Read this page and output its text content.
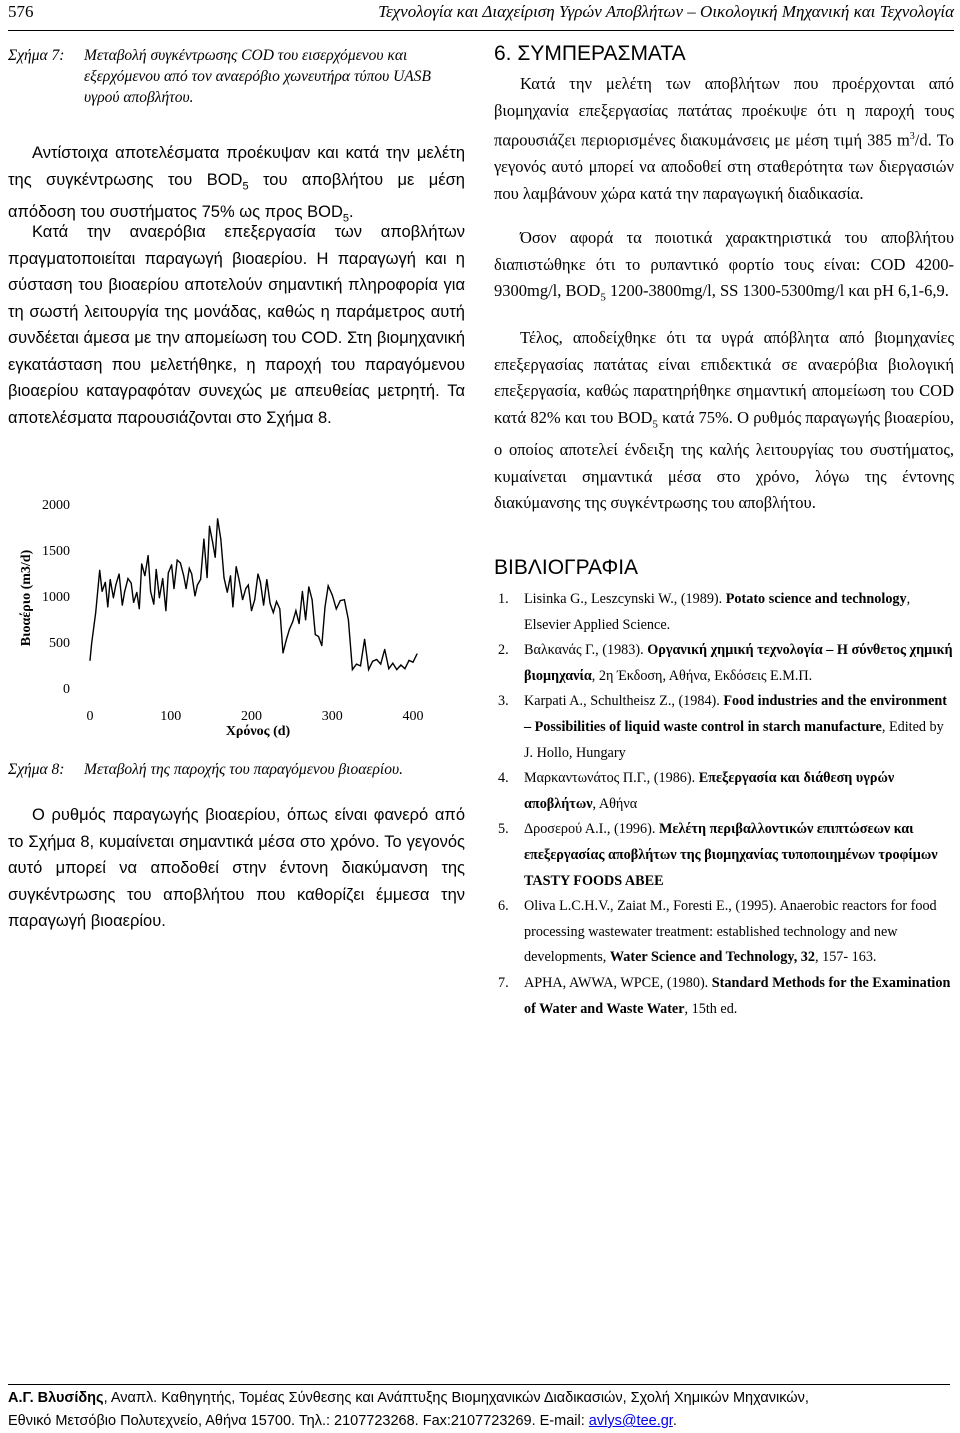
576	Τεχνολογία και Διαχείριση Υγρών Αποβλήτων – Οικολογική Μηχανική και Τεχνολογία
Σχήμα 7: Μεταβολή συγκέντρωσης COD του εισερχόμενου και εξερχόμενου από τον αναερόβιο χωνευτήρα τύπου UASB υγρού αποβλήτου.
Αντίστοιχα αποτελέσματα προέκυψαν και κατά την μελέτη της συγκέντρωσης του $BOD_5$ του αποβλήτου με μέση απόδοση του συστήματος 75% ως προς $BOD_5$.
Κατά την αναερόβια επεξεργασία των αποβλήτων πραγματοποιείται παραγωγή βιοαερίου. Η παραγωγή και η σύσταση του βιοαερίου αποτελούν σημαντική πληροφορία για τη σωστή λειτουργία της μονάδας, καθώς η παράμετρος αυτή συνδέεται άμεσα με την απομείωση του COD. Στη βιομηχανική εγκατάσταση που μελετήθηκε, η παροχή του παραγόμενου βιοαερίου καταγραφόταν συνεχώς με απευθείας μετρητή. Τα αποτελέσματα παρουσιάζονται στο Σχήμα 8.
0
500
1000
1500
2000
0	100	200	300	400
Βιοαέριο (m3/d)
Χρόνος (d)
Σχήμα 8: Μεταβολή της παροχής του παραγόμενου βιοαερίου.
Ο ρυθμός παραγωγής βιοαερίου, όπως είναι φανερό από το Σχήμα 8, κυμαίνεται σημαντικά μέσα στο χρόνο. Το γεγονός αυτό μπορεί να αποδοθεί στην έντονη διακύμανση της συγκέντρωσης του αποβλήτου που καθορίζει έμμεσα την παραγωγή βιοαερίου.
6. ΣΥΜΠΕΡΑΣΜΑΤΑ
Κατά την μελέτη των αποβλήτων που προέρχονται από βιομηχανία επεξεργασίας πατάτας προέκυψε ότι η παροχή τους παρουσιάζει περιορισμένες διακυμάνσεις με μέση τιμή 385 $m^3/d$. Το γεγονός αυτό μπορεί να αποδοθεί στη σταθερότητα των διεργασιών που λαμβάνουν χώρα κατά την παραγωγική διαδικασία.
Όσον αφορά τα ποιοτικά χαρακτηριστικά του αποβλήτου διαπιστώθηκε ότι το ρυπαντικό φορτίο τους είναι: COD 4200-9300mg/l, $BOD_5$ 1200-3800mg/l, SS 1300-5300mg/l και pH 6,1-6,9.
Τέλος, αποδείχθηκε ότι τα υγρά απόβλητα από βιομηχανίες επεξεργασίας πατάτας είναι επιδεκτικά σε αναερόβια βιολογική επεξεργασία, καθώς παρατηρήθηκε σημαντική απομείωση του COD κατά 82% και του $BOD_5$ κατά 75%. Ο ρυθμός παραγωγής βιοαερίου, ο οποίος αποτελεί ένδειξη της καλής λειτουργίας του συστήματος, κυμαίνεται σημαντικά μέσα στο χρόνο, λόγω της έντονης διακύμανσης της συγκέντρωσης του αποβλήτου.
ΒΙΒΛΙΟΓΡΑΦΙΑ
1. Lisinka G., Leszcynski W., (1989). Potato science and technology, Elsevier Applied Science.
2. Βαλκανάς Γ., (1983). Οργανική χημική τεχνολογία – Η σύνθετος χημική βιομηχανία, 2η Έκδοση, Αθήνα, Εκδόσεις Ε.Μ.Π.
3. Karpati A., Schultheisz Z., (1984). Food industries and the environment – Possibilities of liquid waste control in starch manufacture, Edited by J. Hollo, Hungary
4. Μαρκαντωνάτος Π.Γ., (1986). Επεξεργασία και διάθεση υγρών αποβλήτων, Αθήνα
5. Δροσερού Α.Ι., (1996). Μελέτη περιβαλλοντικών επιπτώσεων και επεξεργασίας αποβλήτων της βιομηχανίας τυποποιημένων τροφίμων TASTY FOODS ABEE
6. Oliva L.C.H.V., Zaiat M., Foresti E., (1995). Anaerobic reactors for food processing wastewater treatment: established technology and new developments, Water Science and Technology, 32, 157- 163.
7. APHA, AWWA, WPCE, (1980). Standard Methods for the Examination of Water and Waste Water, 15th ed.
Α.Γ. Βλυσίδης, Αναπλ. Καθηγητής, Τομέας Σύνθεσης και Ανάπτυξης Βιομηχανικών Διαδικασιών, Σχολή Χημικών Μηχανικών,
Εθνικό Μετσόβιο Πολυτεχνείο, Αθήνα 15700. Τηλ.: 2107723268. Fax:2107723269. E-mail: avlys@tee.gr.
